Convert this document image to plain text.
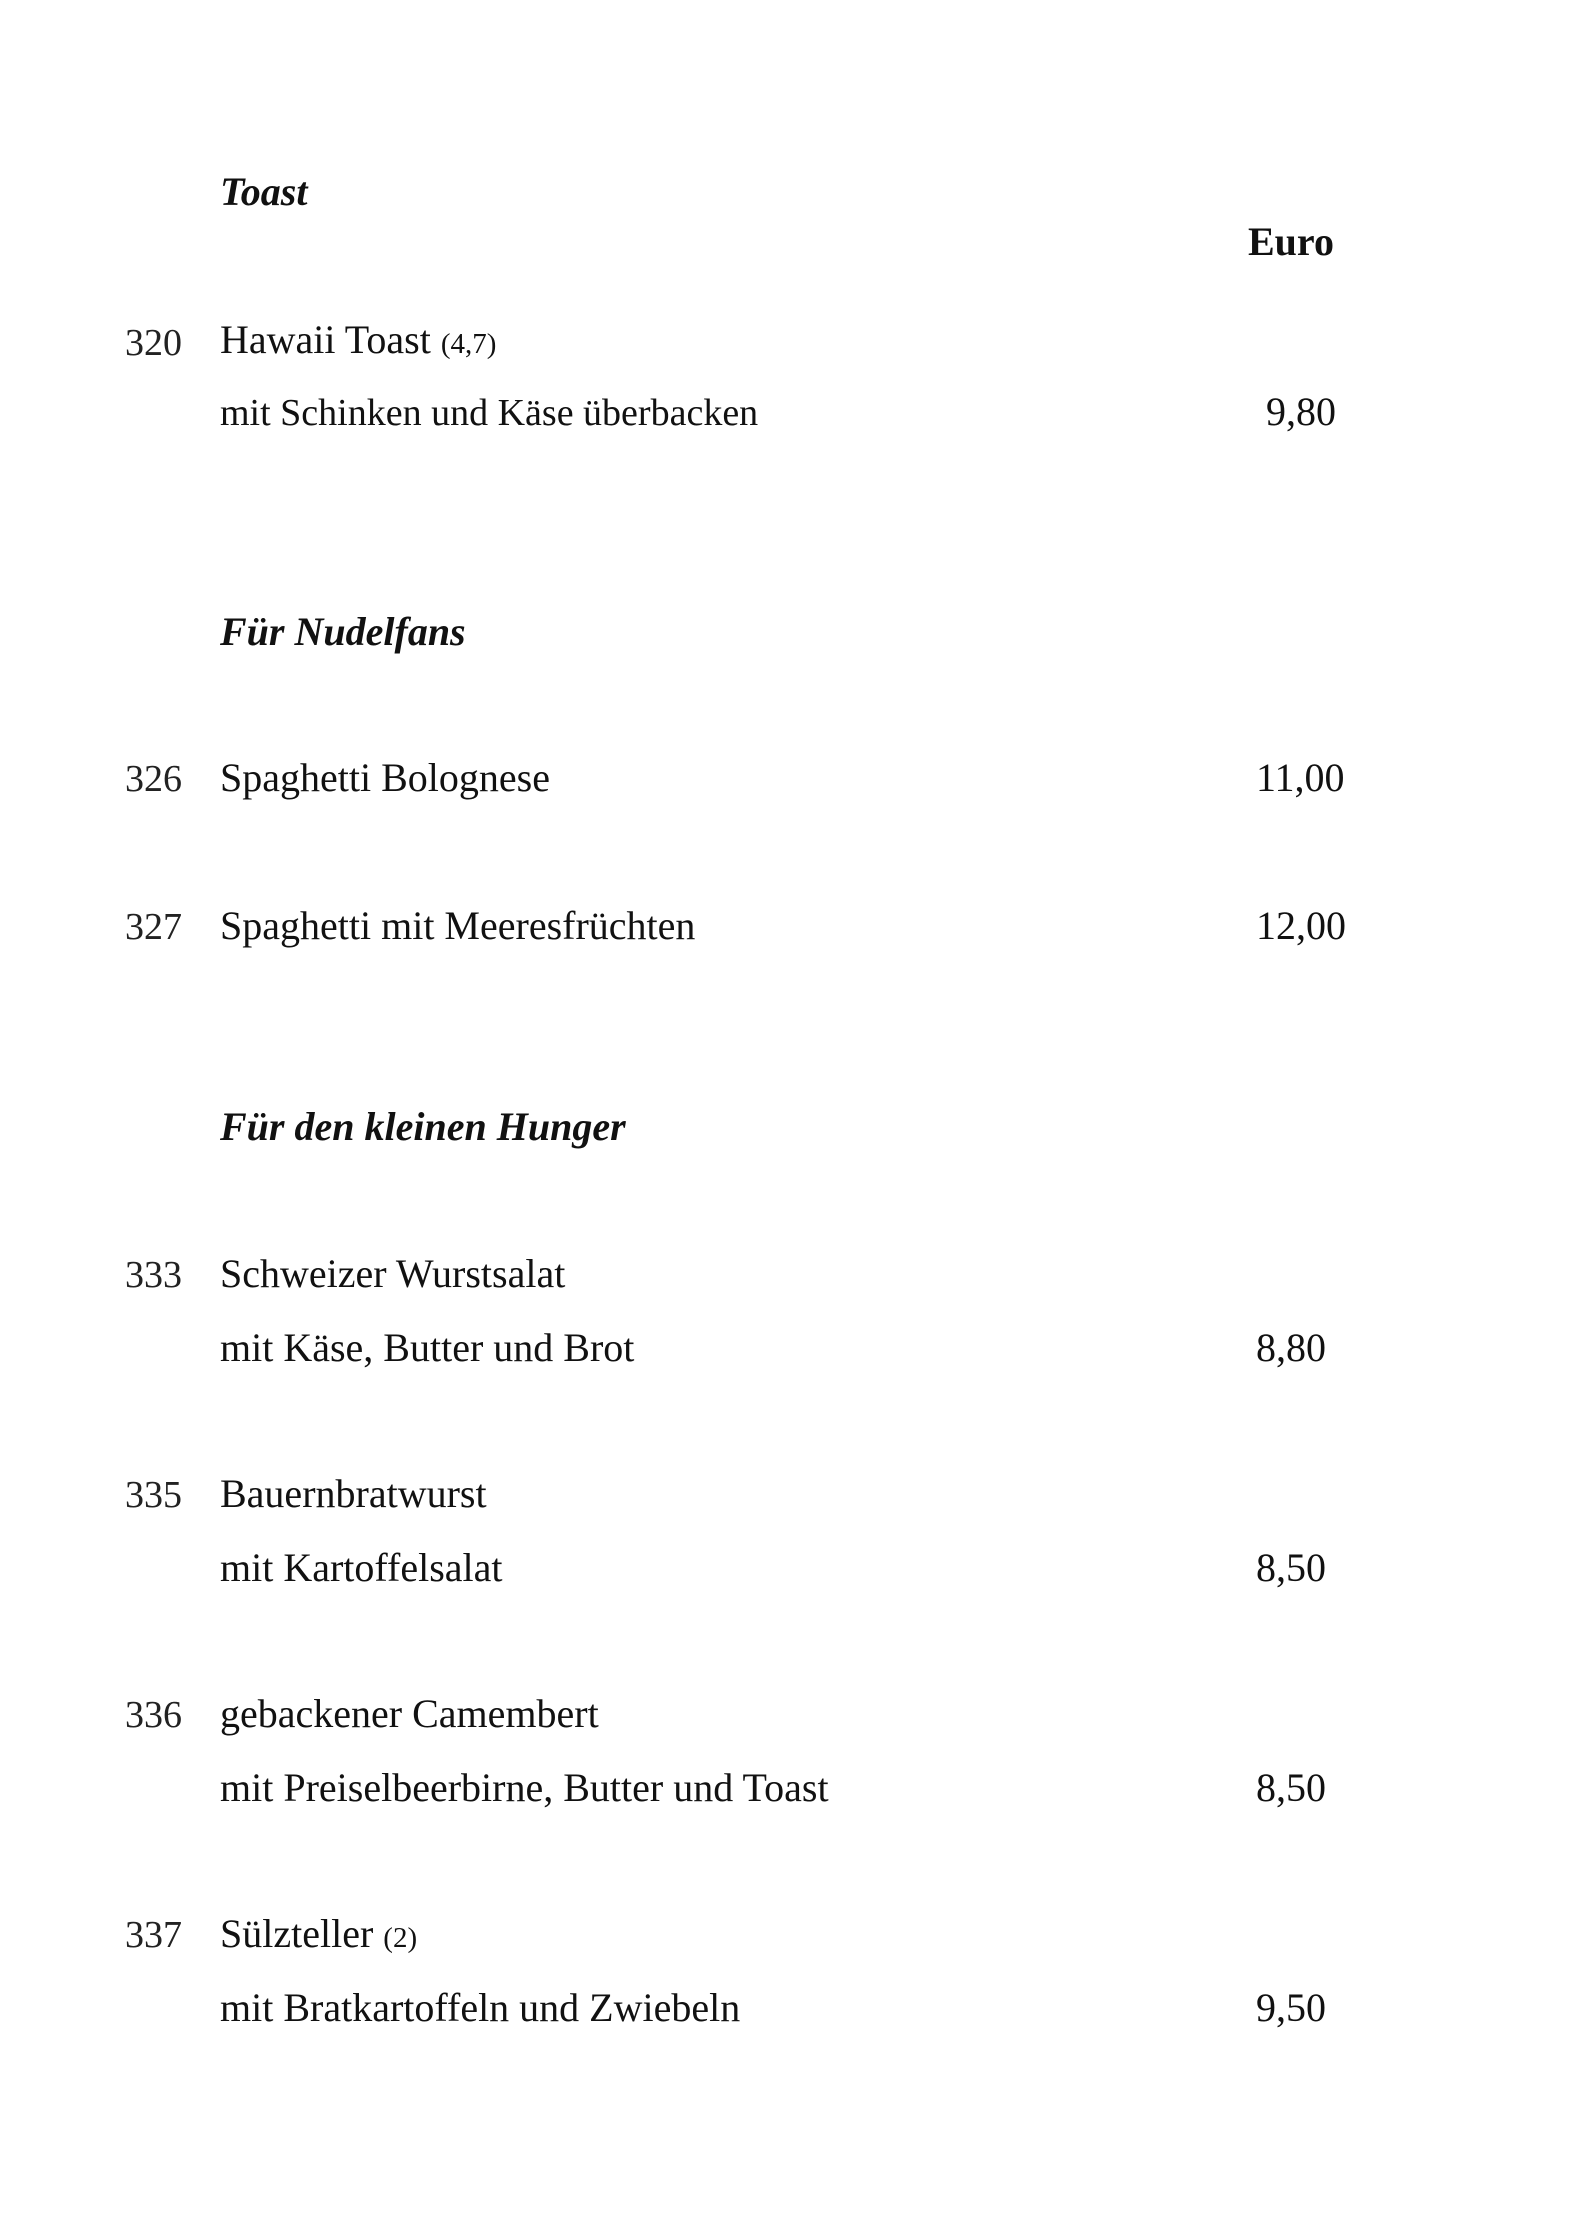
Toast
Euro
320 Hawaii Toast (4,7)
mit Schinken und Käse überbacken	9,80
Für Nudelfans
326 Spaghetti Bolognese	11,00
327 Spaghetti mit Meeresfrüchten	12,00
Für den kleinen Hunger
333 Schweizer Wurstsalat
mit Käse, Butter und Brot	8,80
335 Bauernbratwurst
mit Kartoffelsalat	8,50
336 gebackener Camembert
mit Preiselbeerbirne, Butter und Toast	8,50
337 Sülzteller (2)
mit Bratkartoffeln und Zwiebeln	9,50
